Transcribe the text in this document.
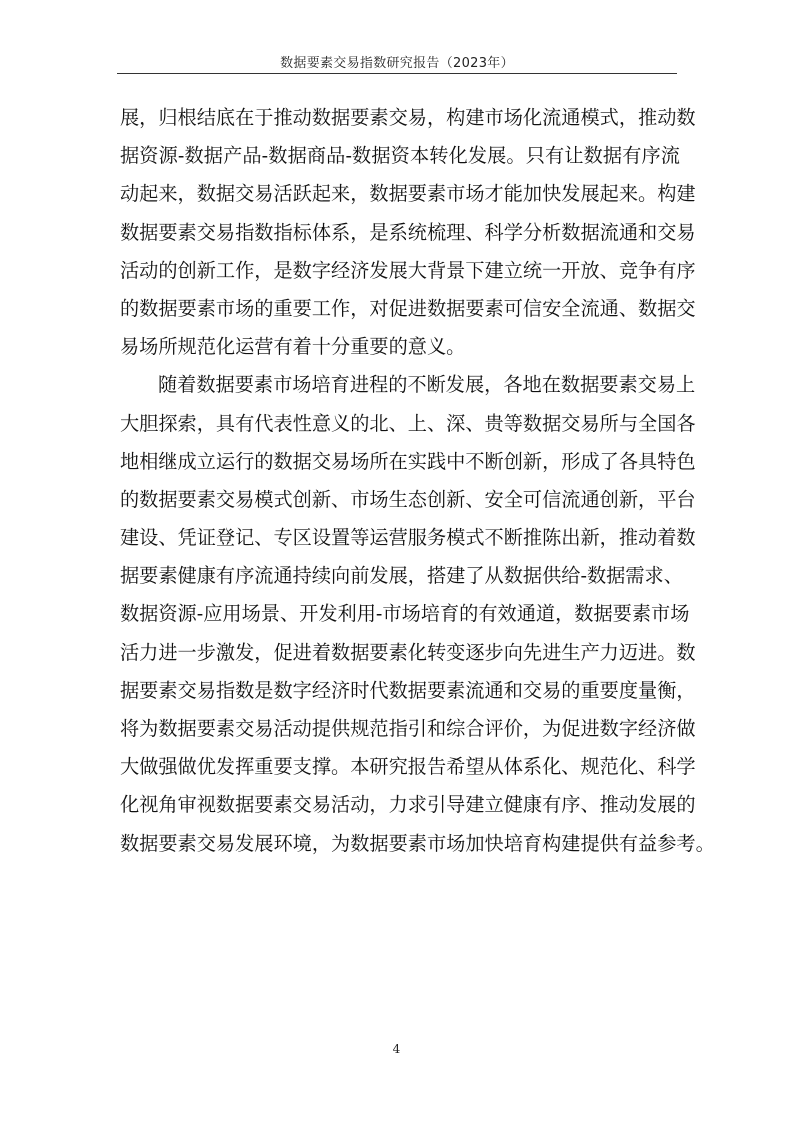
数据要素交易指数研究报告（2023年）
展，归根结底在于推动数据要素交易，构建市场化流通模式，推动数
据资源-数据产品-数据商品-数据资本转化发展。只有让数据有序流
动起来，数据交易活跃起来，数据要素市场才能加快发展起来。构建
数据要素交易指数指标体系，是系统梳理、科学分析数据流通和交易
活动的创新工作，是数字经济发展大背景下建立统一开放、竞争有序
的数据要素市场的重要工作，对促进数据要素可信安全流通、数据交
易场所规范化运营有着十分重要的意义。
随着数据要素市场培育进程的不断发展，各地在数据要素交易上
大胆探索，具有代表性意义的北、上、深、贵等数据交易所与全国各
地相继成立运行的数据交易场所在实践中不断创新，形成了各具特色
的数据要素交易模式创新、市场生态创新、安全可信流通创新，平台
建设、凭证登记、专区设置等运营服务模式不断推陈出新，推动着数
据要素健康有序流通持续向前发展，搭建了从数据供给-数据需求、
数据资源-应用场景、开发利用-市场培育的有效通道，数据要素市场
活力进一步激发，促进着数据要素化转变逐步向先进生产力迈进。数
据要素交易指数是数字经济时代数据要素流通和交易的重要度量衡，
将为数据要素交易活动提供规范指引和综合评价，为促进数字经济做
大做强做优发挥重要支撑。本研究报告希望从体系化、规范化、科学
化视角审视数据要素交易活动，力求引导建立健康有序、推动发展的
数据要素交易发展环境，为数据要素市场加快培育构建提供有益参考。
4
